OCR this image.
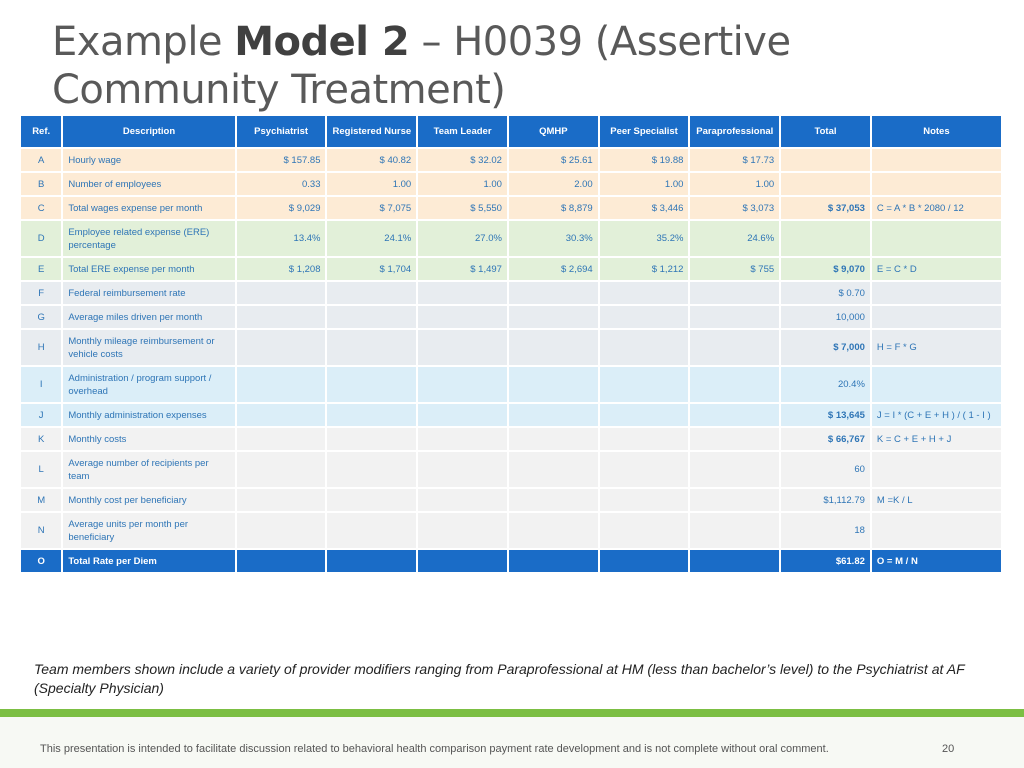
Example Model 2 – H0039 (Assertive Community Treatment)
Ref.	Description	Psychiatrist	Registered Nurse	Team Leader	QMHP	Peer Specialist	Paraprofessional	Total	Notes
A	Hourly wage	$ 157.85	$ 40.82	$ 32.02	$ 25.61	$ 19.88	$ 17.73		
B	Number of employees	0.33	1.00	1.00	2.00	1.00	1.00		
C	Total wages expense per month	$ 9,029	$ 7,075	$ 5,550	$ 8,879	$ 3,446	$ 3,073	$ 37,053	C = A * B * 2080 / 12
D	Employee related expense (ERE) percentage	13.4%	24.1%	27.0%	30.3%	35.2%	24.6%		
E	Total ERE expense per month	$ 1,208	$ 1,704	$ 1,497	$ 2,694	$ 1,212	$ 755	$ 9,070	E = C * D
F	Federal reimbursement rate							$ 0.70	
G	Average miles driven per month							10,000	
H	Monthly mileage reimbursement or vehicle costs							$ 7,000	H = F * G
I	Administration / program support / overhead							20.4%	
J	Monthly administration expenses							$ 13,645	J = I * (C + E + H ) / ( 1 - I )
K	Monthly costs							$ 66,767	K = C + E + H + J
L	Average number of recipients per team							60	
M	Monthly cost per beneficiary							$1,112.79	M =K / L
N	Average units per month per beneficiary							18	
O	Total Rate per Diem							$61.82	O = M / N
Team members shown include a variety of provider modifiers ranging from Paraprofessional at HM (less than bachelor’s level) to the Psychiatrist at AF (Specialty Physician)
This presentation is intended to facilitate discussion related to behavioral health comparison payment rate development and is not complete without oral comment.	20
